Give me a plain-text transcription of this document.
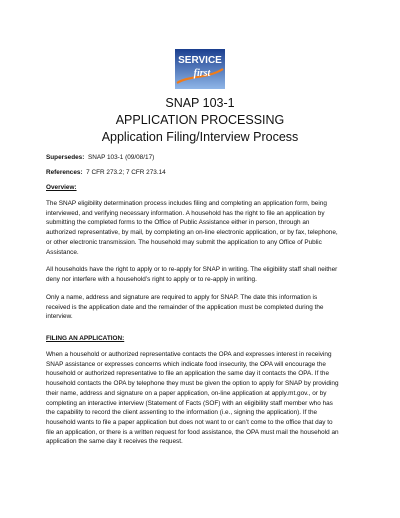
SERVICE
first
SNAP 103-1
APPLICATION PROCESSING
Application Filing/Interview Process
Supersedes: SNAP 103-1 (09/08/17)
References: 7 CFR 273.2; 7 CFR 273.14
Overview:
The SNAP eligibility determination process includes filing and completing an application form, being
interviewed, and verifying necessary information. A household has the right to file an application by
submitting the completed forms to the Office of Public Assistance either in person, through an
authorized representative, by mail, by completing an on-line electronic application, or by fax, telephone,
or other electronic transmission. The household may submit the application to any Office of Public
Assistance.
All households have the right to apply or to re-apply for SNAP in writing. The eligibility staff shall neither
deny nor interfere with a household’s right to apply or to re-apply in writing.
Only a name, address and signature are required to apply for SNAP. The date this information is
received is the application date and the remainder of the application must be completed during the
interview.
FILING AN APPLICATION:
When a household or authorized representative contacts the OPA and expresses interest in receiving
SNAP assistance or expresses concerns which indicate food insecurity, the OPA will encourage the
household or authorized representative to file an application the same day it contacts the OPA. If the
household contacts the OPA by telephone they must be given the option to apply for SNAP by providing
their name, address and signature on a paper application, on-line application at apply.mt.gov., or by
completing an interactive interview (Statement of Facts (SOF) with an eligibility staff member who has
the capability to record the client assenting to the information (i.e., signing the application). If the
household wants to file a paper application but does not want to or can’t come to the office that day to
file an application, or there is a written request for food assistance, the OPA must mail the household an
application the same day it receives the request.
